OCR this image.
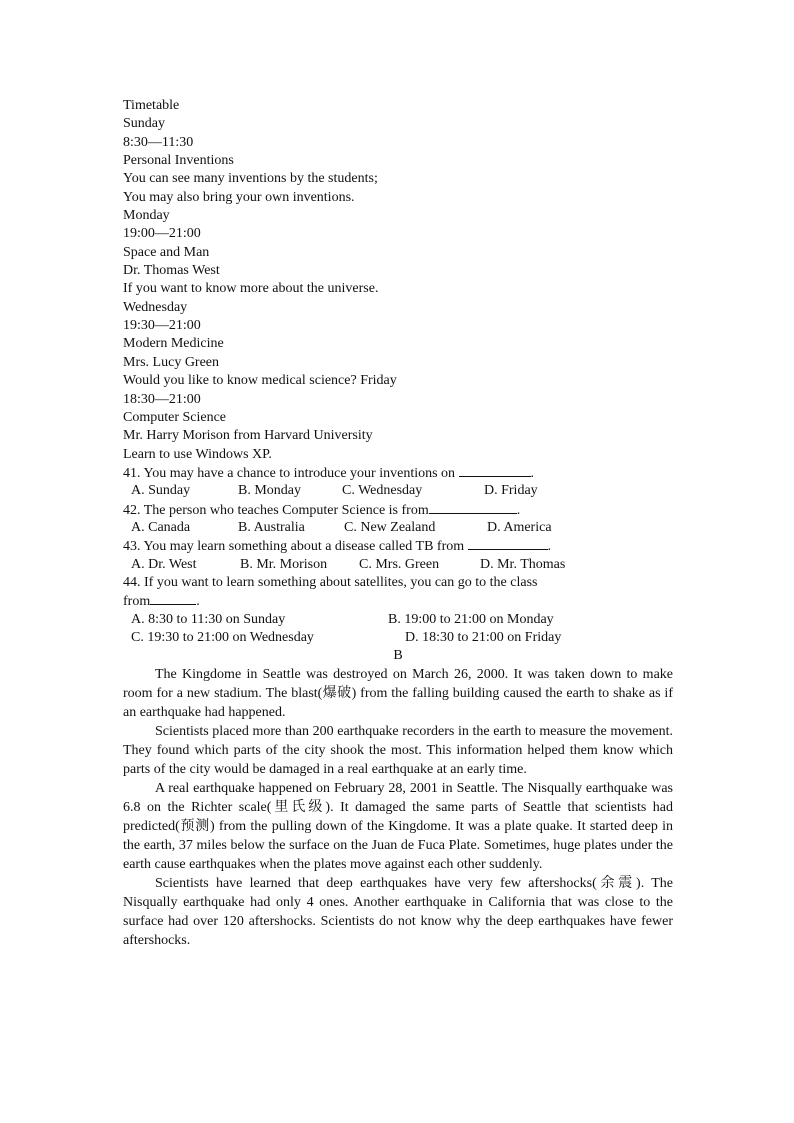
Timetable
Sunday
8:30—11:30
Personal Inventions
You can see many inventions by the students;
You may also bring your own inventions.
Monday
19:00—21:00
Space and Man
Dr. Thomas West
If you want to know more about the universe.
Wednesday
19:30—21:00
Modern Medicine
Mrs. Lucy Green
Would you like to know medical science? Friday
18:30—21:00
Computer Science
Mr. Harry Morison from Harvard University
Learn to use Windows XP.
41. You may have a chance to introduce your inventions on	.
A. Sunday	B. Monday	C. Wednesday	D. Friday
42. The person who teaches Computer Science is from	.
A. Canada	B. Australia	C. New Zealand	D. America
43. You may learn something about a disease called TB from	.
A. Dr. West	B. Mr. Morison C. Mrs. Green	D. Mr. Thomas
44. If you want to learn something about satellites, you can go to the class
from	.
A. 8:30 to 11:30 on Sunday	B. 19:00 to 21:00 on Monday
C. 19:30 to 21:00 on Wednesday	D. 18:30 to 21:00 on Friday
B

The Kingdome in Seattle was destroyed on March 26, 2000. It was taken down to make room for a new stadium. The blast(爆破) from the falling building caused the earth to shake as if an earthquake had happened.

Scientists placed more than 200 earthquake recorders in the earth to measure the movement. They found which parts of the city shook the most. This information helped them know which parts of the city would be damaged in a real earthquake at an early time.

A real earthquake happened on February 28, 2001 in Seattle. The Nisqually earthquake was 6.8 on the Richter scale(里氏级). It damaged the same parts of Seattle that scientists had predicted(预测) from the pulling down of the Kingdome. It was a plate quake. It started deep in the earth, 37 miles below the surface on the Juan de Fuca Plate. Sometimes, huge plates under the earth cause earthquakes when the plates move against each other suddenly.

Scientists have learned that deep earthquakes have very few aftershocks(余震). The Nisqually earthquake had only 4 ones. Another earthquake in California that was close to the surface had over 120 aftershocks. Scientists do not know why the deep earthquakes have fewer aftershocks.
